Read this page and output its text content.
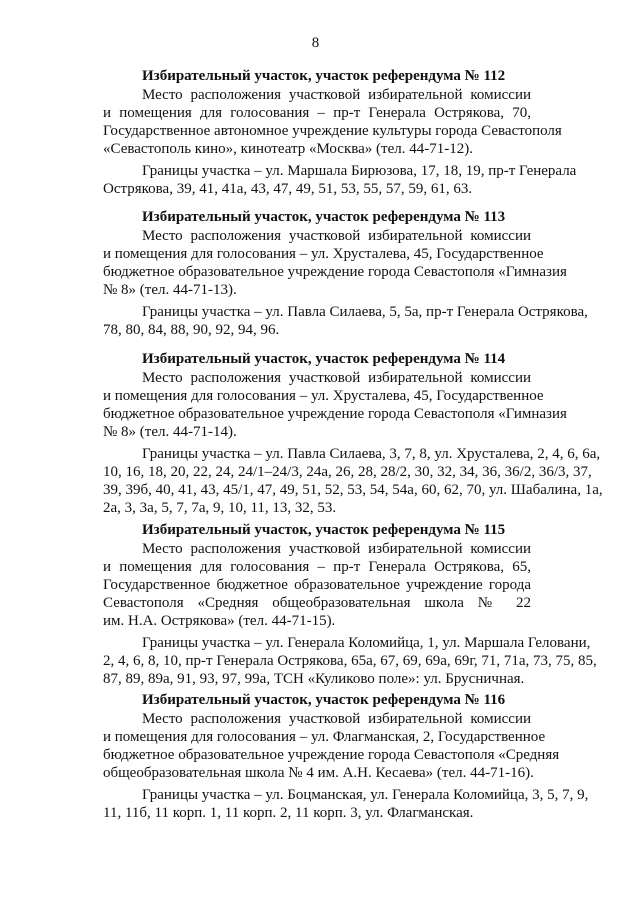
8
Избирательный участок, участок референдума № 112
Место расположения участковой избирательной комиссии
и помещения для голосования – пр-т Генерала Острякова, 70,
Государственное автономное учреждение культуры города Севастополя
«Севастополь кино», кинотеатр «Москва» (тел. 44-71-12).
Границы участка – ул. Маршала Бирюзова, 17, 18, 19, пр-т Генерала
Острякова, 39, 41, 41а, 43, 47, 49, 51, 53, 55, 57, 59, 61, 63.
Избирательный участок, участок референдума № 113
Место расположения участковой избирательной комиссии
и помещения для голосования – ул. Хрусталева, 45, Государственное
бюджетное образовательное учреждение города Севастополя «Гимназия
№ 8» (тел. 44-71-13).
Границы участка – ул. Павла Силаева, 5, 5а, пр-т Генерала Острякова,
78, 80, 84, 88, 90, 92, 94, 96.
Избирательный участок, участок референдума № 114
Место расположения участковой избирательной комиссии
и помещения для голосования – ул. Хрусталева, 45, Государственное
бюджетное образовательное учреждение города Севастополя «Гимназия
№ 8» (тел. 44-71-14).
Границы участка – ул. Павла Силаева, 3, 7, 8, ул. Хрусталева, 2, 4, 6, 6а,
10, 16, 18, 20, 22, 24, 24/1–24/3, 24а, 26, 28, 28/2, 30, 32, 34, 36, 36/2, 36/3, 37,
39, 39б, 40, 41, 43, 45/1, 47, 49, 51, 52, 53, 54, 54а, 60, 62, 70, ул. Шабалина, 1а,
2а, 3, 3а, 5, 7, 7а, 9, 10, 11, 13, 32, 53.
Избирательный участок, участок референдума № 115
Место расположения участковой избирательной комиссии
и помещения для голосования – пр-т Генерала Острякова, 65,
Государственное бюджетное образовательное учреждение города
Севастополя «Средняя общеобразовательная школа № 22
им. Н.А. Острякова» (тел. 44-71-15).
Границы участка – ул. Генерала Коломийца, 1, ул. Маршала Геловани,
2, 4, 6, 8, 10, пр-т Генерала Острякова, 65а, 67, 69, 69а, 69г, 71, 71а, 73, 75, 85,
87, 89, 89а, 91, 93, 97, 99а, ТСН «Куликово поле»: ул. Брусничная.
Избирательный участок, участок референдума № 116
Место расположения участковой избирательной комиссии
и помещения для голосования – ул. Флагманская, 2, Государственное
бюджетное образовательное учреждение города Севастополя «Средняя
общеобразовательная школа № 4 им. А.Н. Кесаева» (тел. 44-71-16).
Границы участка – ул. Боцманская, ул. Генерала Коломийца, 3, 5, 7, 9,
11, 11б, 11 корп. 1, 11 корп. 2, 11 корп. 3, ул. Флагманская.
